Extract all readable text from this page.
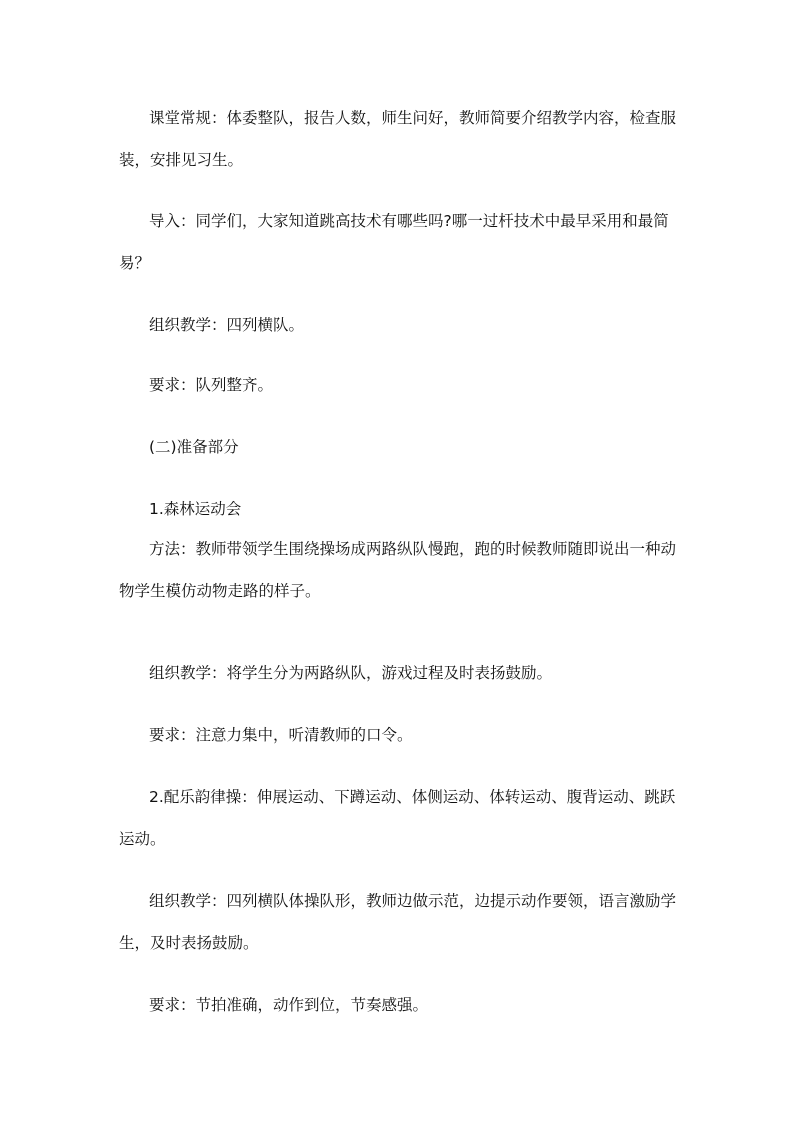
课堂常规：体委整队，报告人数，师生问好，教师简要介绍教学内容，检查服装，安排见习生。

导入：同学们，大家知道跳高技术有哪些吗?哪一过杆技术中最早采用和最简易？

组织教学：四列横队。

要求：队列整齐。

(二)准备部分

1.森林运动会

方法：教师带领学生围绕操场成两路纵队慢跑，跑的时候教师随即说出一种动物学生模仿动物走路的样子。

组织教学：将学生分为两路纵队，游戏过程及时表扬鼓励。

要求：注意力集中，听清教师的口令。

2.配乐韵律操：伸展运动、下蹲运动、体侧运动、体转运动、腹背运动、跳跃运动。

组织教学：四列横队体操队形，教师边做示范，边提示动作要领，语言激励学生，及时表扬鼓励。

要求：节拍准确，动作到位，节奏感强。
